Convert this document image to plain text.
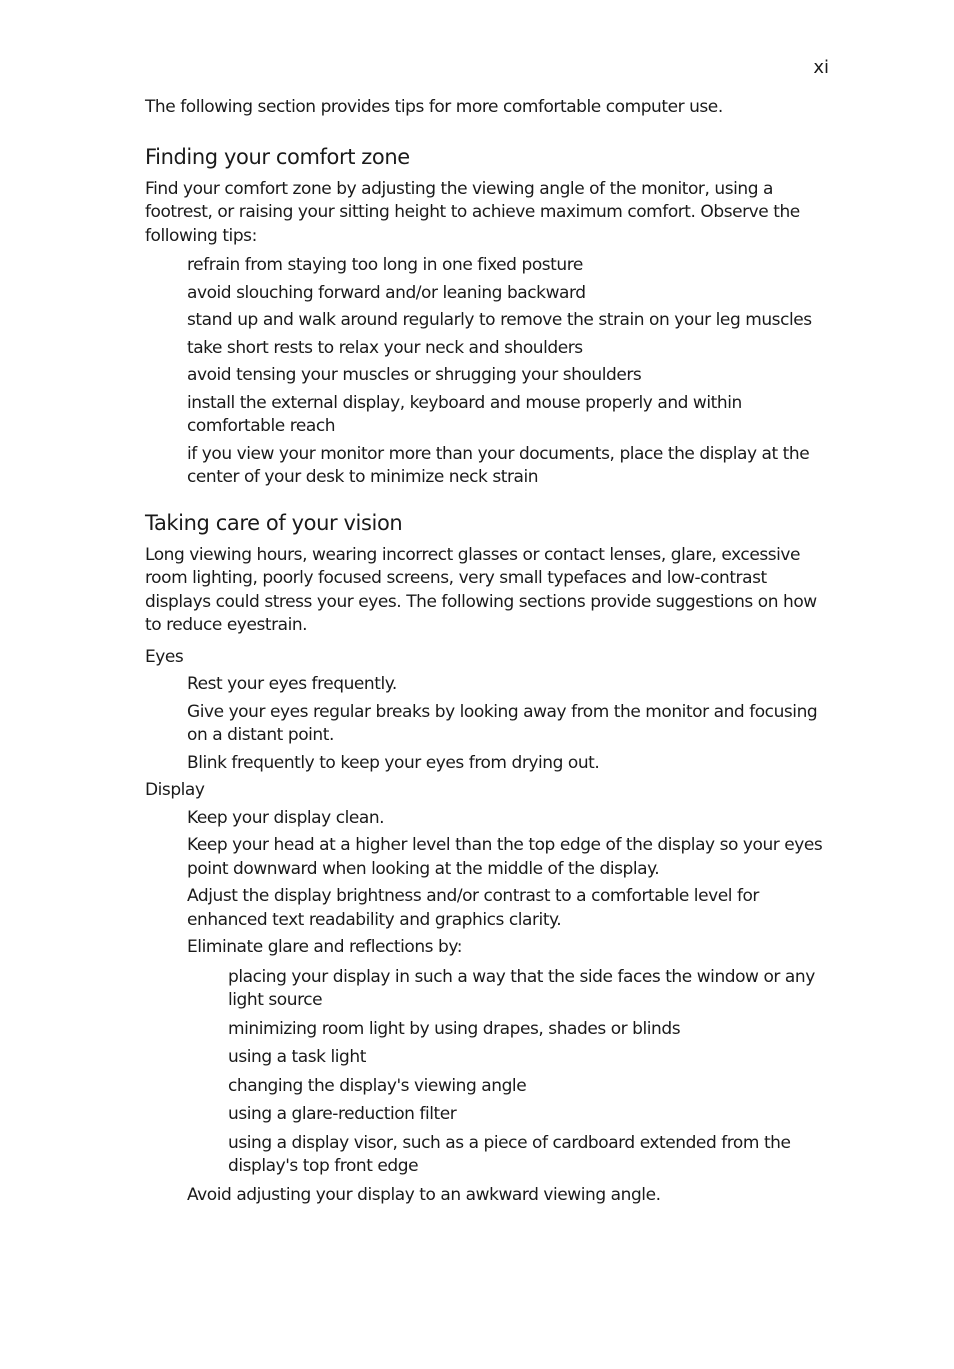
xi

The following section provides tips for more comfortable computer use.

Finding your comfort zone

Find your comfort zone by adjusting the viewing angle of the monitor, using a footrest, or raising your sitting height to achieve maximum comfort. Observe the following tips:

refrain from staying too long in one fixed posture
avoid slouching forward and/or leaning backward
stand up and walk around regularly to remove the strain on your leg muscles
take short rests to relax your neck and shoulders
avoid tensing your muscles or shrugging your shoulders
install the external display, keyboard and mouse properly and within comfortable reach
if you view your monitor more than your documents, place the display at the center of your desk to minimize neck strain
Taking care of your vision

Long viewing hours, wearing incorrect glasses or contact lenses, glare, excessive room lighting, poorly focused screens, very small typefaces and low-contrast displays could stress your eyes. The following sections provide suggestions on how to reduce eyestrain.

Eyes

Rest your eyes frequently.
Give your eyes regular breaks by looking away from the monitor and focusing on a distant point.
Blink frequently to keep your eyes from drying out.

Display

Keep your display clean.
Keep your head at a higher level than the top edge of the display so your eyes point downward when looking at the middle of the display.
Adjust the display brightness and/or contrast to a comfortable level for enhanced text readability and graphics clarity.
Eliminate glare and reflections by:
placing your display in such a way that the side faces the window or any light source
minimizing room light by using drapes, shades or blinds
using a task light
changing the display's viewing angle
using a glare-reduction filter
using a display visor, such as a piece of cardboard extended from the display's top front edge
Avoid adjusting your display to an awkward viewing angle.
